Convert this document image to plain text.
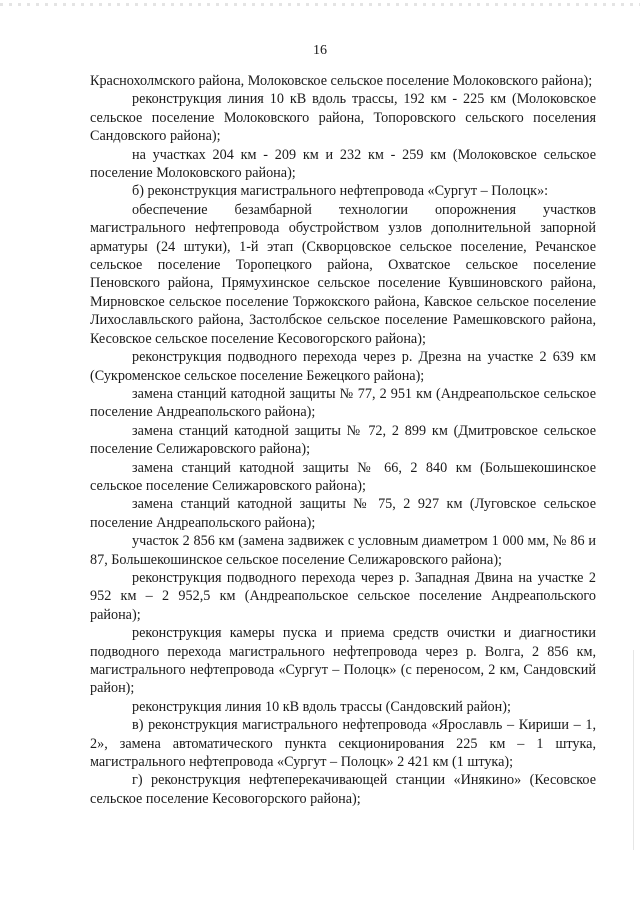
16

Краснохолмского района, Молоковское сельское поселение Молоковского района);

реконструкция линия 10 кВ вдоль трассы, 192 км - 225 км (Молоковское сельское поселение Молоковского района, Топоровского сельского поселения Сандовского района);

на участках 204 км - 209 км и 232 км - 259 км (Молоковское сельское поселение Молоковского района);

б) реконструкция магистрального нефтепровода «Сургут – Полоцк»:

обеспечение безамбарной технологии опорожнения участков магистрального нефтепровода обустройством узлов дополнительной запорной арматуры (24 штуки), 1-й этап (Скворцовское сельское поселение, Речанское сельское поселение Торопецкого района, Охватское сельское поселение Пеновского района, Прямухинское сельское поселение Кувшиновского района, Мирновское сельское поселение Торжокского района, Кавское сельское поселение Лихославльского района, Застолбское сельское поселение Рамешковского района, Кесовское сельское поселение Кесовогорского района);

реконструкция подводного перехода через р. Дрезна на участке 2 639 км (Сукроменское сельское поселение Бежецкого района);

замена станций катодной защиты № 77, 2 951 км (Андреапольское сельское поселение Андреапольского района);

замена станций катодной защиты № 72, 2 899 км (Дмитровское сельское поселение Селижаровского района);

замена станций катодной защиты № 66, 2 840 км (Большекошинское сельское поселение Селижаровского района);

замена станций катодной защиты № 75, 2 927 км (Луговское сельское поселение Андреапольского района);

участок 2 856 км (замена задвижек с условным диаметром 1 000 мм, № 86 и 87, Большекошинское сельское поселение Селижаровского района);

реконструкция подводного перехода через р. Западная Двина на участке 2 952 км – 2 952,5 км (Андреапольское сельское поселение Андреапольского района);

реконструкция камеры пуска и приема средств очистки и диагностики подводного перехода магистрального нефтепровода через р. Волга, 2 856 км, магистрального нефтепровода «Сургут – Полоцк» (с переносом, 2 км, Сандовский район);

реконструкция линия 10 кВ вдоль трассы (Сандовский район);

в) реконструкция магистрального нефтепровода «Ярославль – Кириши – 1, 2», замена автоматического пункта секционирования 225 км – 1 штука, магистрального нефтепровода «Сургут – Полоцк» 2 421 км (1 штука);

г) реконструкция нефтеперекачивающей станции «Инякино» (Кесовское сельское поселение Кесовогорского района);
